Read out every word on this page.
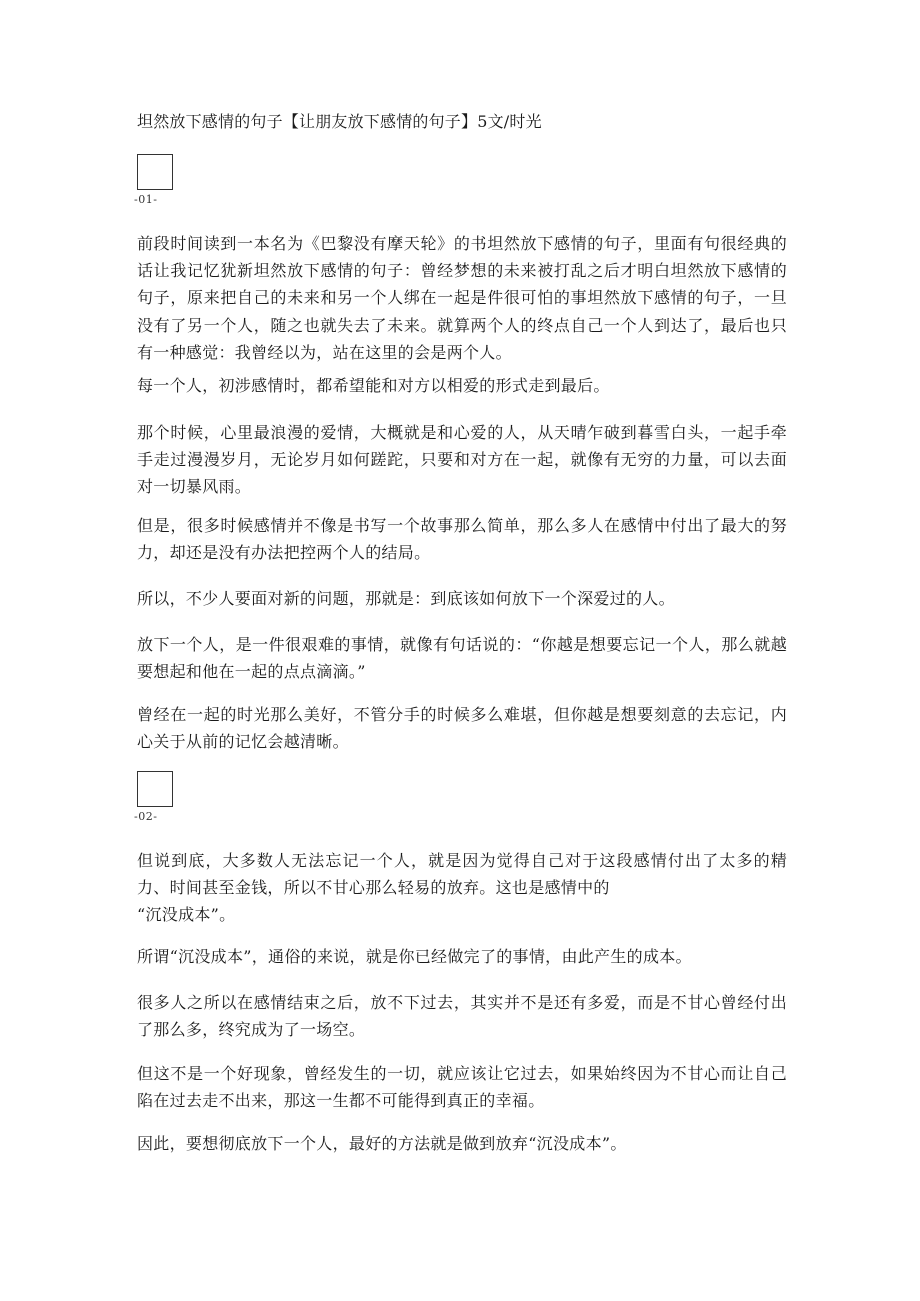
坦然放下感情的句子【让朋友放下感情的句子】5文/时光
-01-

前段时间读到一本名为《巴黎没有摩天轮》的书坦然放下感情的句子，里面有句很经典的话让我记忆犹新坦然放下感情的句子：曾经梦想的未来被打乱之后才明白坦然放下感情的句子，原来把自己的未来和另一个人绑在一起是件很可怕的事坦然放下感情的句子，一旦没有了另一个人，随之也就失去了未来。就算两个人的终点自己一个人到达了，最后也只有一种感觉：我曾经以为，站在这里的会是两个人。

每一个人，初涉感情时，都希望能和对方以相爱的形式走到最后。

那个时候，心里最浪漫的爱情，大概就是和心爱的人，从天晴乍破到暮雪白头，一起手牵手走过漫漫岁月，无论岁月如何蹉跎，只要和对方在一起，就像有无穷的力量，可以去面对一切暴风雨。

但是，很多时候感情并不像是书写一个故事那么简单，那么多人在感情中付出了最大的努力，却还是没有办法把控两个人的结局。

所以，不少人要面对新的问题，那就是：到底该如何放下一个深爱过的人。

放下一个人，是一件很艰难的事情，就像有句话说的：“你越是想要忘记一个人，那么就越要想起和他在一起的点点滴滴。”

曾经在一起的时光那么美好，不管分手的时候多么难堪，但你越是想要刻意的去忘记，内心关于从前的记忆会越清晰。

-02-

但说到底，大多数人无法忘记一个人，就是因为觉得自己对于这段感情付出了太多的精力、时间甚至金钱，所以不甘心那么轻易的放弃。这也是感情中的

“沉没成本”。

所谓“沉没成本”，通俗的来说，就是你已经做完了的事情，由此产生的成本。

很多人之所以在感情结束之后，放不下过去，其实并不是还有多爱，而是不甘心曾经付出了那么多，终究成为了一场空。

但这不是一个好现象，曾经发生的一切，就应该让它过去，如果始终因为不甘心而让自己陷在过去走不出来，那这一生都不可能得到真正的幸福。

因此，要想彻底放下一个人，最好的方法就是做到放弃“沉没成本”。
